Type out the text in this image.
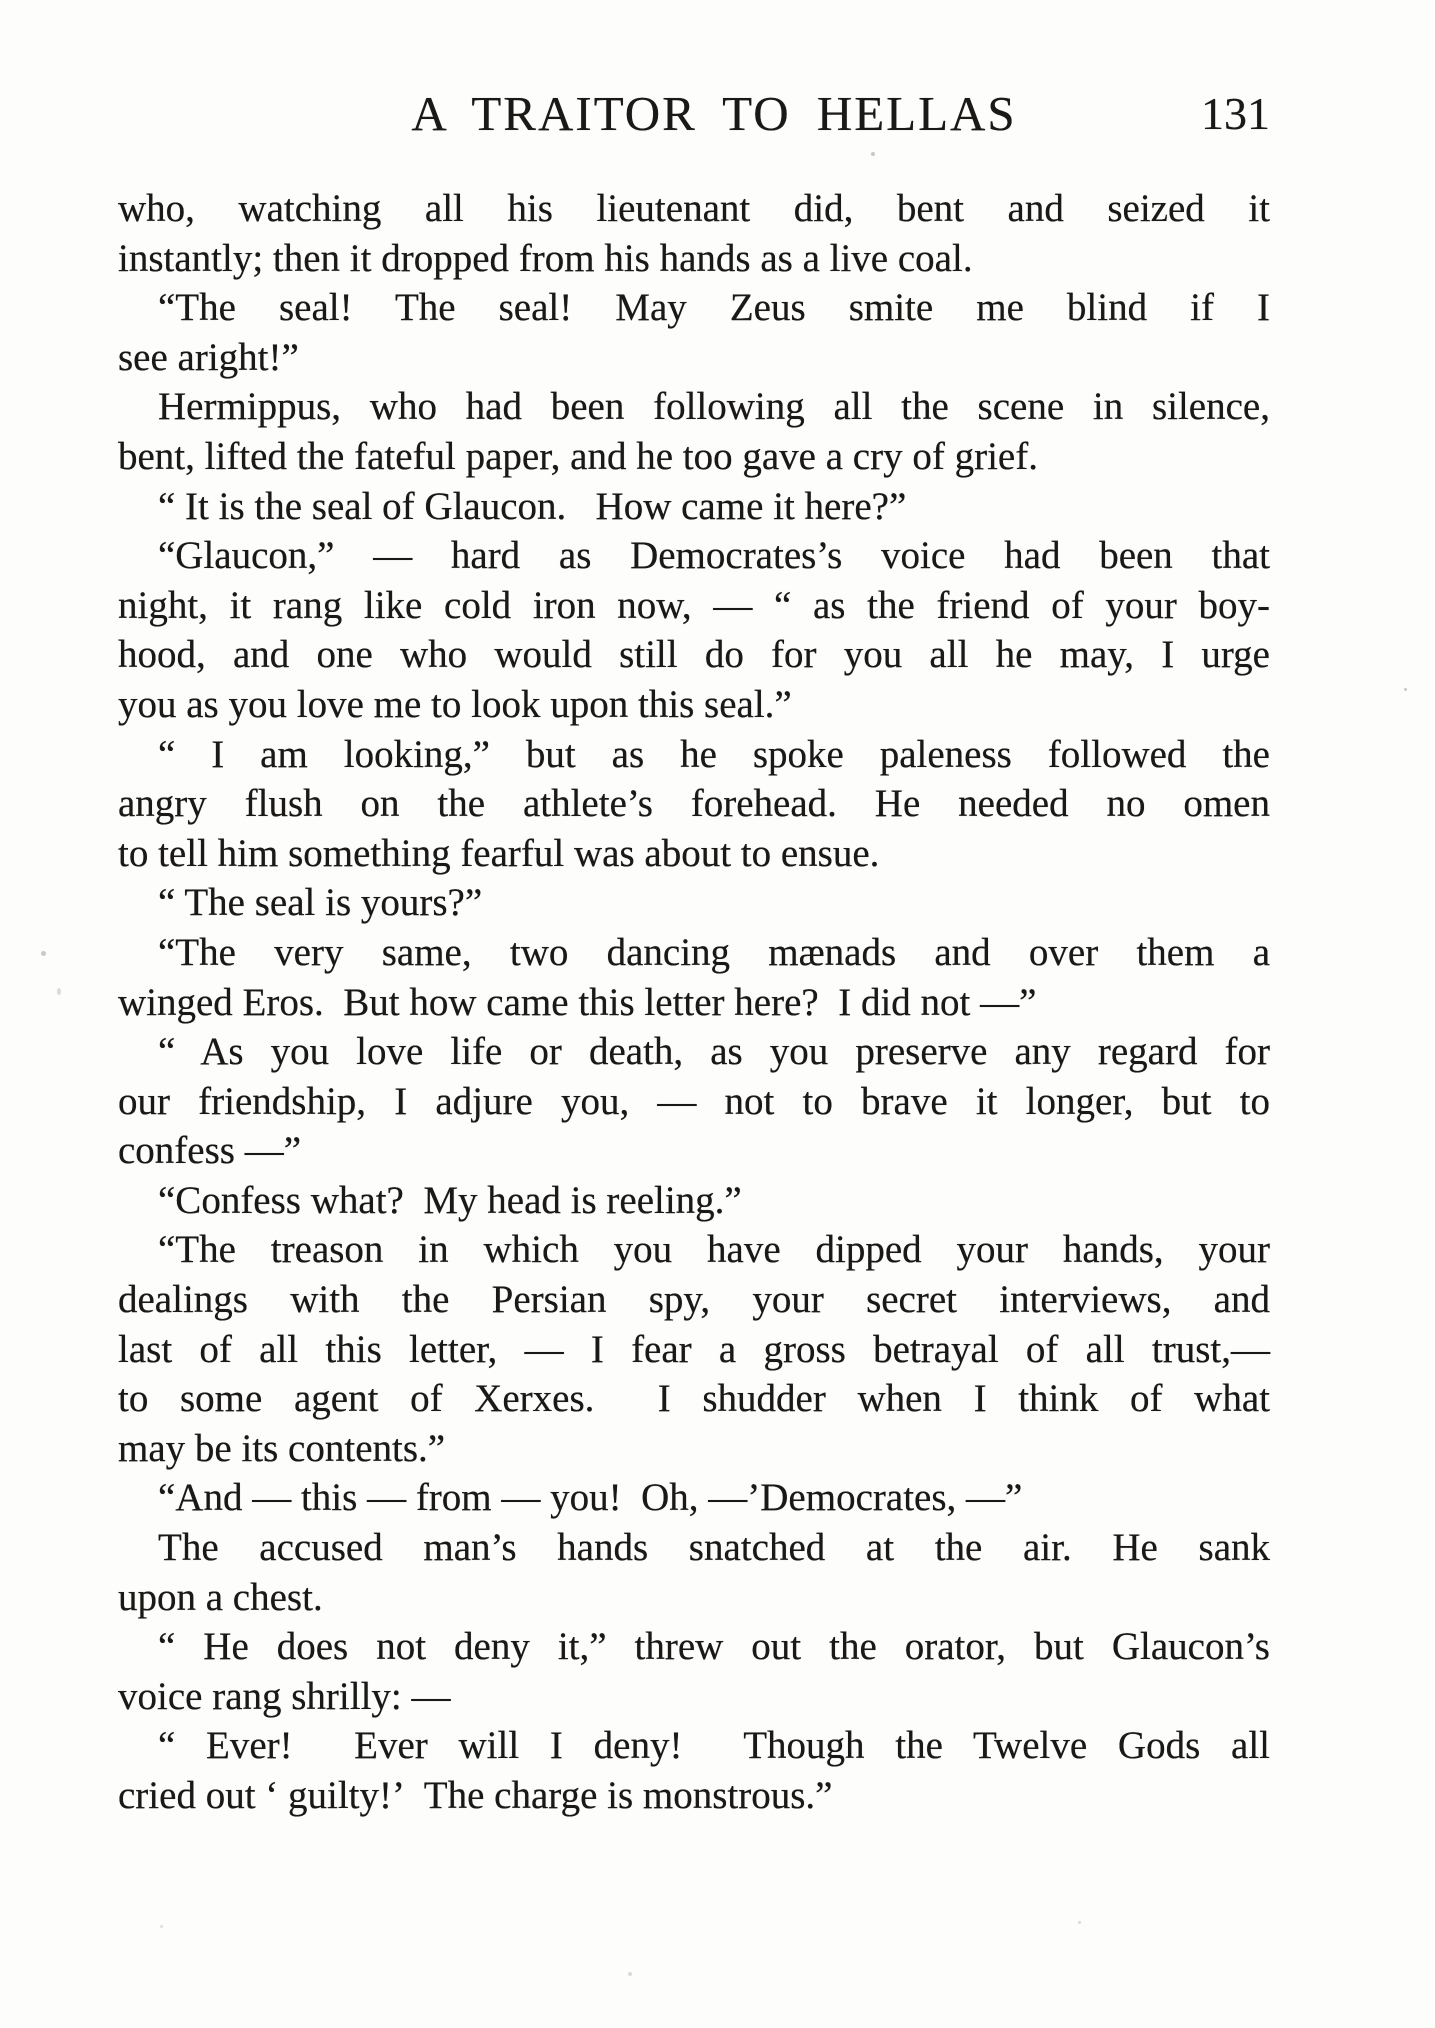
A TRAITOR TO HELLAS	131
who, watching all his lieutenant did, bent and seized it
instantly; then it dropped from his hands as a live coal.
“The seal! The seal! May Zeus smite me blind if I
see aright!”
Hermippus, who had been following all the scene in silence,
bent, lifted the fateful paper, and he too gave a cry of grief.
“ It is the seal of Glaucon.   How came it here?”
“Glaucon,” — hard as Democrates’s voice had been that
night, it rang like cold iron now, — “ as the friend of your boy-
hood, and one who would still do for you all he may, I urge
you as you love me to look upon this seal.”
“ I am looking,” but as he spoke paleness followed the
angry flush on the athlete’s forehead. He needed no omen
to tell him something fearful was about to ensue.
“ The seal is yours?”
“The very same, two dancing mænads and over them a
winged Eros.  But how came this letter here?  I did not —”
“ As you love life or death, as you preserve any regard for
our friendship, I adjure you, — not to brave it longer, but to
confess —”
“Confess what?  My head is reeling.”
“The treason in which you have dipped your hands, your
dealings with the Persian spy, your secret interviews, and
last of all this letter, — I fear a gross betrayal of all trust,—
to some agent of Xerxes.  I shudder when I think of what
may be its contents.”
“And — this — from — you!  Oh, —’Democrates, —”
The accused man’s hands snatched at the air. He sank
upon a chest.
“ He does not deny it,” threw out the orator, but Glaucon’s
voice rang shrilly: —
“ Ever!  Ever will I deny!  Though the Twelve Gods all
cried out ‘ guilty!’  The charge is monstrous.”
